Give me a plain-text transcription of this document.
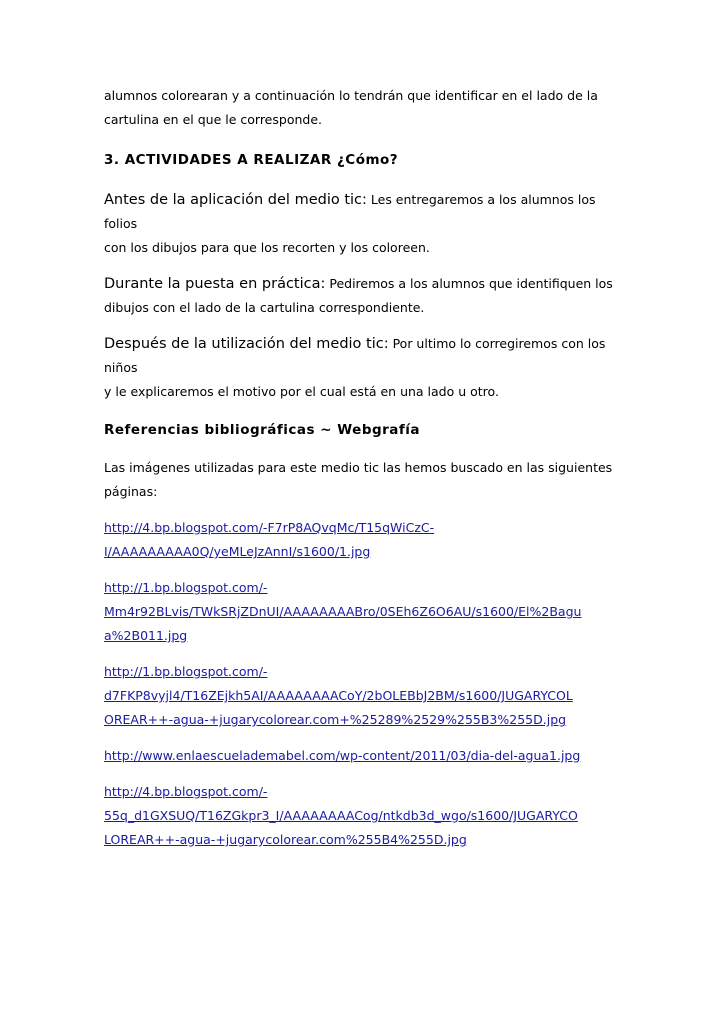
alumnos colorearan y a continuación lo tendrán que identificar en el lado de la

cartulina en el que le corresponde.

3. ACTIVIDADES A REALIZAR ¿Cómo?

Antes de la aplicación del medio tic: Les entregaremos a los alumnos los folios

con los dibujos para que los recorten y los coloreen.

Durante la puesta en práctica: Pediremos a los alumnos que identifiquen los

dibujos con el lado de la cartulina correspondiente.

Después de la utilización del medio tic: Por ultimo lo corregiremos con los niños

y le explicaremos el motivo por el cual está en una lado u otro.

Referencias bibliográficas ~ Webgrafía

Las imágenes utilizadas para este medio tic las hemos buscado en las siguientes

páginas:

http://4.bp.blogspot.com/-F7rP8AQvqMc/T15qWiCzC-

I/AAAAAAAAA0Q/yeMLeJzAnnI/s1600/1.jpg

http://1.bp.blogspot.com/-

Mm4r92BLvis/TWkSRjZDnUI/AAAAAAAABro/0SEh6Z6O6AU/s1600/El%2Bagu

a%2B011.jpg

http://1.bp.blogspot.com/-

d7FKP8vyjl4/T16ZEjkh5AI/AAAAAAAACoY/2bOLEBbJ2BM/s1600/JUGARYCOL

OREAR++-agua-+jugarycolorear.com+%25289%2529%255B3%255D.jpg

http://www.enlaescuelademabel.com/wp-content/2011/03/dia-del-agua1.jpg

http://4.bp.blogspot.com/-

55q_d1GXSUQ/T16ZGkpr3_I/AAAAAAAACog/ntkdb3d_wgo/s1600/JUGARYCO

LOREAR++-agua-+jugarycolorear.com%255B4%255D.jpg
